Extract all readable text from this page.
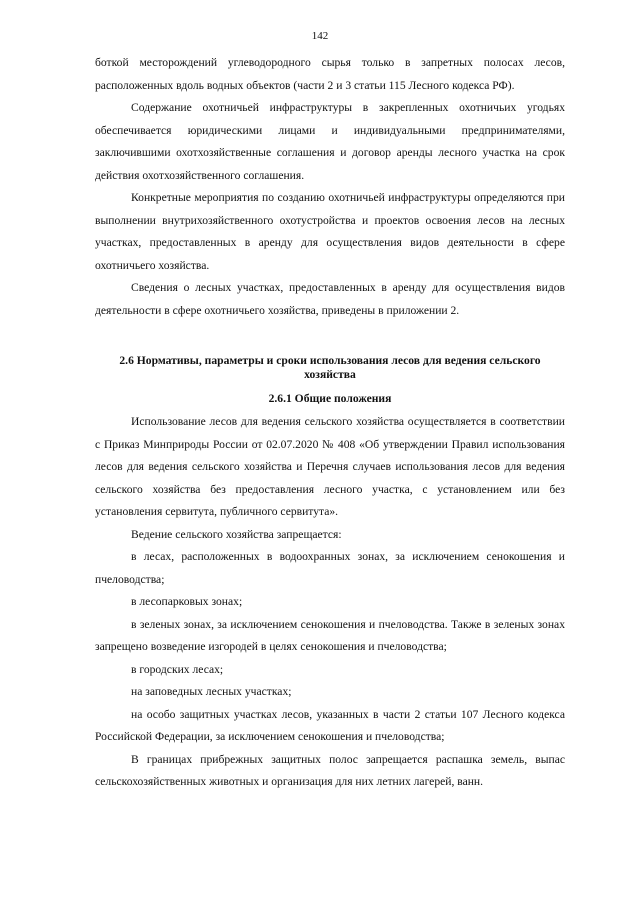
142

боткой месторождений углеводородного сырья только в запретных полосах лесов, расположенных вдоль водных объектов (части 2 и 3 статьи 115 Лесного кодекса РФ).

Содержание охотничьей инфраструктуры в закрепленных охотничьих угодьях обеспечивается юридическими лицами и индивидуальными предпринимателями, заключившими охотхозяйственные соглашения и договор аренды лесного участка на срок действия охотхозяйственного соглашения.

Конкретные мероприятия по созданию охотничьей инфраструктуры определяются при выполнении внутрихозяйственного охотустройства и проектов освоения лесов на лесных участках, предоставленных в аренду для осуществления видов деятельности в сфере охотничьего хозяйства.

Сведения о лесных участках, предоставленных в аренду для осуществления видов деятельности в сфере охотничьего хозяйства, приведены в приложении 2.

2.6 Нормативы, параметры и сроки использования лесов для ведения сельского хозяйства

2.6.1 Общие положения

Использование лесов для ведения сельского хозяйства осуществляется в соответствии с Приказ Минприроды России от 02.07.2020 № 408 «Об утверждении Правил использования лесов для ведения сельского хозяйства и Перечня случаев использования лесов для ведения сельского хозяйства без предоставления лесного участка, с установлением или без установления сервитута, публичного сервитута».

Ведение сельского хозяйства запрещается:

в лесах, расположенных в водоохранных зонах, за исключением сенокошения и пчеловодства;

в лесопарковых зонах;

в зеленых зонах, за исключением сенокошения и пчеловодства. Также в зеленых зонах запрещено возведение изгородей в целях сенокошения и пчеловодства;

в городских лесах;

на заповедных лесных участках;

на особо защитных участках лесов, указанных в части 2 статьи 107 Лесного кодекса Российской Федерации, за исключением сенокошения и пчеловодства;

В границах прибрежных защитных полос запрещается распашка земель, выпас сельскохозяйственных животных и организация для них летних лагерей, ванн.
